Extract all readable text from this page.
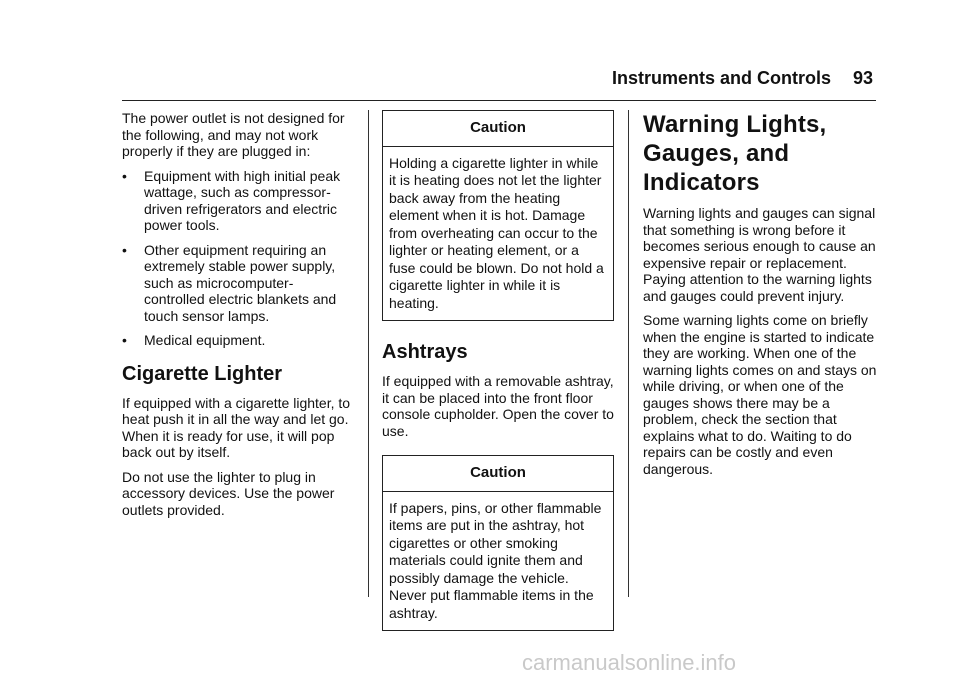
Instruments and Controls 93

The power outlet is not designed for the following, and may not work properly if they are plugged in:

• Equipment with high initial peak wattage, such as compressor-driven refrigerators and electric power tools.
• Other equipment requiring an extremely stable power supply, such as microcomputer-controlled electric blankets and touch sensor lamps.
• Medical equipment.
Cigarette Lighter

If equipped with a cigarette lighter, to heat push it in all the way and let go. When it is ready for use, it will pop back out by itself.

Do not use the lighter to plug in accessory devices. Use the power outlets provided.

Caution
Holding a cigarette lighter in while it is heating does not let the lighter back away from the heating element when it is hot. Damage from overheating can occur to the lighter or heating element, or a fuse could be blown. Do not hold a cigarette lighter in while it is heating.
Ashtrays

If equipped with a removable ashtray, it can be placed into the front floor console cupholder. Open the cover to use.

Caution
If papers, pins, or other flammable items are put in the ashtray, hot cigarettes or other smoking materials could ignite them and possibly damage the vehicle. Never put flammable items in the ashtray.
Warning Lights, Gauges, and Indicators

Warning lights and gauges can signal that something is wrong before it becomes serious enough to cause an expensive repair or replacement. Paying attention to the warning lights and gauges could prevent injury.

Some warning lights come on briefly when the engine is started to indicate they are working. When one of the warning lights comes on and stays on while driving, or when one of the gauges shows there may be a problem, check the section that explains what to do. Waiting to do repairs can be costly and even dangerous.

carmanualsonline.info
